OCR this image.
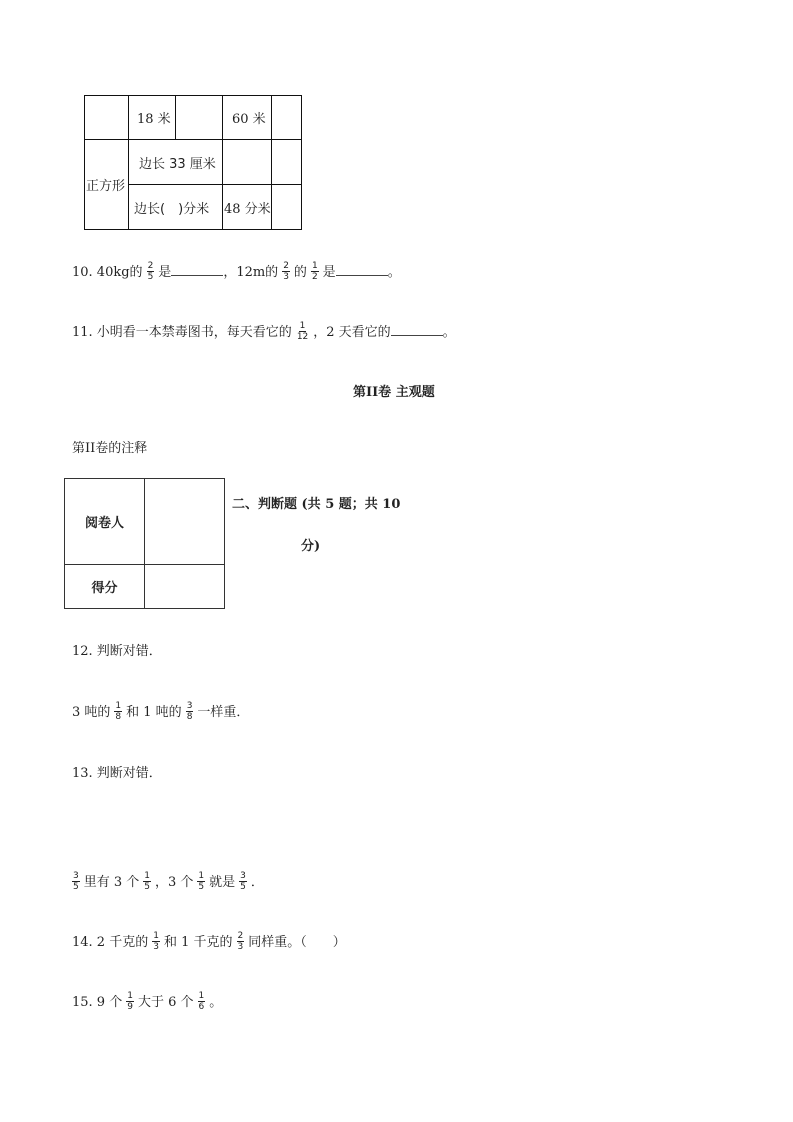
	18 米		60 米	
正方形	边长 33 厘米			
	边长(　)分米		48 分米	
10. 40kg的 $\frac{2}{5}$ 是	，12m的 $\frac{2}{3}$ 的 $\frac{1}{2}$ 是	。
11. 小明看一本禁毒图书，每天看它的 $\frac{1}{12}$ ，2 天看它的	。
第II卷 主观题
第II卷的注释
阅卷人	
得分	
二、判断题 (共 5 题；共 10
分)
12. 判断对错．
3 吨的 $\frac{1}{8}$ 和 1 吨的 $\frac{3}{8}$ 一样重．
13. 判断对错．
$\frac{3}{5}$ 里有 3 个 $\frac{1}{5}$ ，3 个 $\frac{1}{5}$ 就是 $\frac{3}{5}$ ．
14. 2 千克的 $\frac{1}{3}$ 和 1 千克的 $\frac{2}{3}$ 同样重。（　　）
15. 9 个 $\frac{1}{9}$ 大于 6 个 $\frac{1}{6}$ 。
